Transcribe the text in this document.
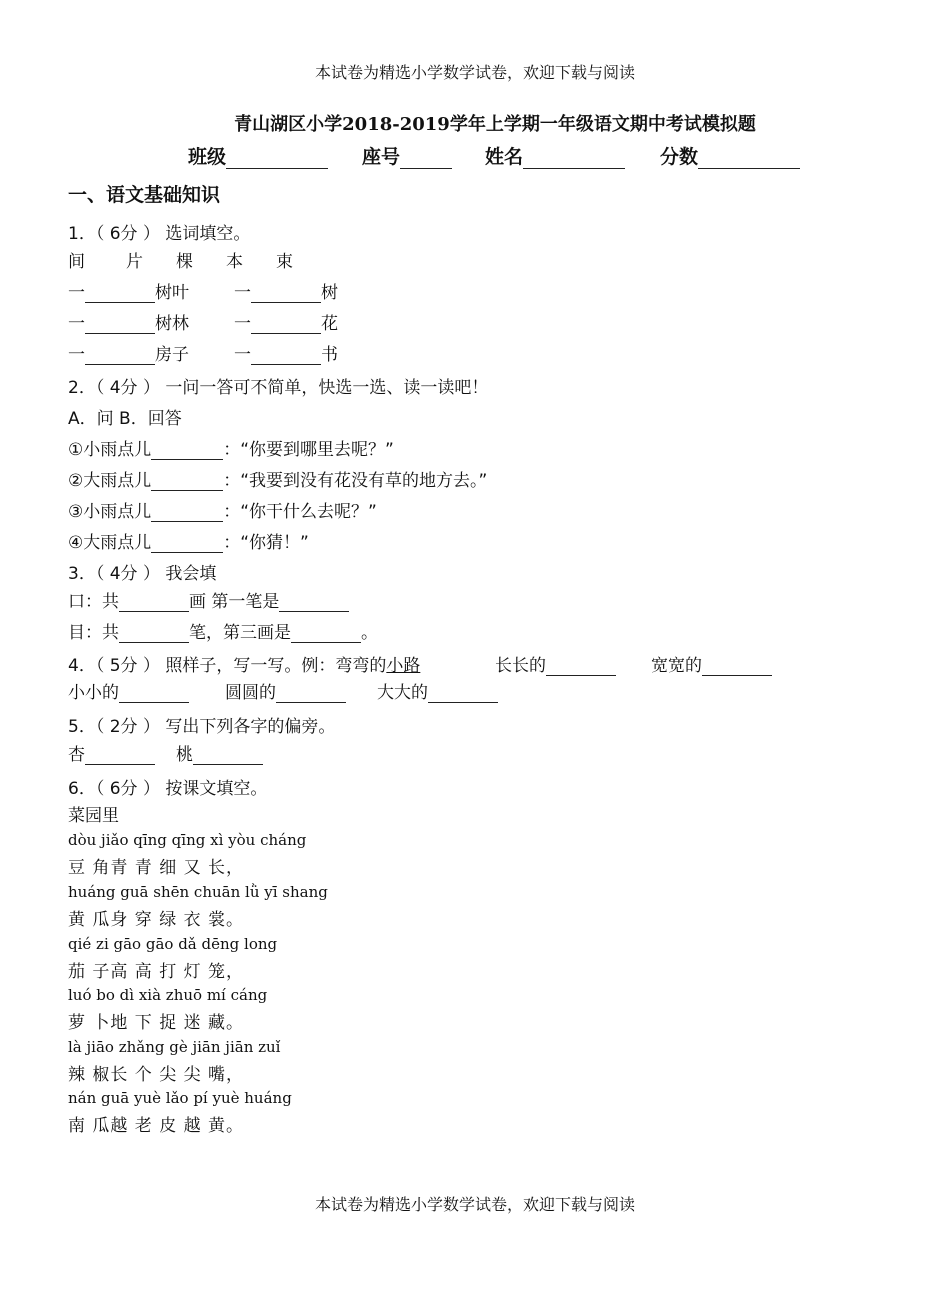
本试卷为精选小学数学试卷，欢迎下载与阅读
青山湖区小学2018-2019学年上学期一年级语文期中考试模拟题
班级	座号	姓名	分数
一、语文基础知识
1．（ 6分 ） 选词填空。
间 片 棵 本 束
一	树叶	一	树
一	树林	一	花
一	房子	一	书
2．（ 4分 ） 一问一答可不简单，快选一选、读一读吧！
A．问 B．回答
①小雨点儿	：“你要到哪里去呢？”
②大雨点儿	：“我要到没有花没有草的地方去。”
③小雨点儿	：“你干什么去呢？”
④大雨点儿	：“你猜！”
3．（ 4分 ） 我会填
口：共	画 第一笔是
目：共	笔，第三画是	。
4．（ 5分 ） 照样子，写一写。例：弯弯的小路	长长的	宽宽的
小小的	圆圆的	大大的
5．（ 2分 ） 写出下列各字的偏旁。
杏	桃
6．（ 6分 ） 按课文填空。
菜园里
dòu jiǎo qīng qīng xì yòu cháng
豆 角青 青 细 又 长，
huáng guā shēn chuān lǜ yī shang
黄 瓜身 穿 绿 衣 裳。
qié zi gāo gāo dǎ dēng long
茄 子高 高 打 灯 笼，
luó bo dì xià zhuō mí cáng
萝 卜地 下 捉 迷 藏。
là jiāo zhǎng gè jiān jiān zuǐ
辣 椒长 个 尖 尖 嘴，
nán guā yuè lǎo pí yuè huáng
南 瓜越 老 皮 越 黄。
本试卷为精选小学数学试卷，欢迎下载与阅读
